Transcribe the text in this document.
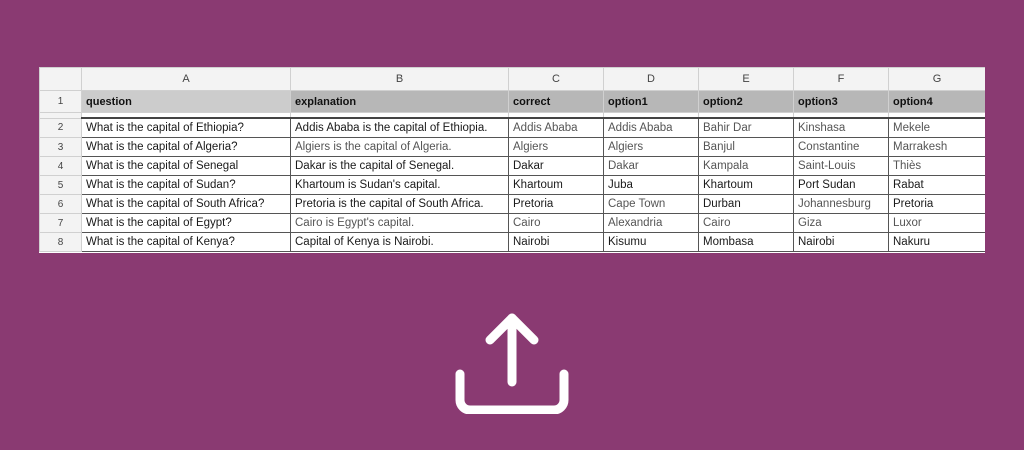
	A	B	C	D	E	F	G
1	question	explanation	correct	option1	option2	option3	option4

2	What is the capital of Ethiopia?	Addis Ababa is the capital of Ethiopia.	Addis Ababa	Addis Ababa	Bahir Dar	Kinshasa	Mekele
3	What is the capital of Algeria?	Algiers is the capital of Algeria.	Algiers	Algiers	Banjul	Constantine	Marrakesh
4	What is the capital of Senegal	Dakar is the capital of Senegal.	Dakar	Dakar	Kampala	Saint-Louis	Thiès
5	What is the capital of Sudan?	Khartoum is Sudan's capital.	Khartoum	Juba	Khartoum	Port Sudan	Rabat
6	What is the capital of South Africa?	Pretoria is the capital of South Africa.	Pretoria	Cape Town	Durban	Johannesburg	Pretoria
7	What is the capital of Egypt?	Cairo is Egypt's capital.	Cairo	Alexandria	Cairo	Giza	Luxor
8	What is the capital of Kenya?	Capital of Kenya is Nairobi.	Nairobi	Kisumu	Mombasa	Nairobi	Nakuru
